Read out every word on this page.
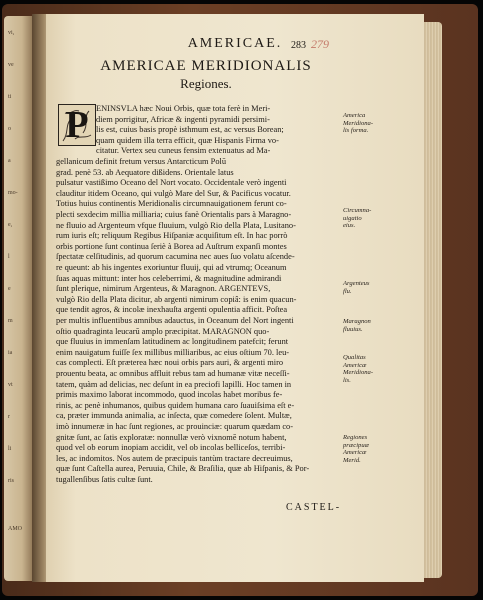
vi,
ve
ti
o
a
mo-
e,
l
e
m
ia
vt
r
li
ris
AMO
AMERICAE. 283 279
AMERICAE MERIDIONALIS
Regiones.
ENINSVLA hæc Noui Orbis, quæ tota ferè in Meri-
diem porrigitur, Africæ & ingenti pyramidi persimi-
lis est, cuius basis propè isthmum est, ac versus Borean;
quam quidem illa terra efficit, quæ Hispanis Firma vo-
citatur. Vertex seu cuneus fensim extenuatus ad Ma-
gellanicum definit fretum versus Antarcticum Polū
grad. penè 53. ab Aequatore dißidens. Orientale latus
pulsatur vastißimo Oceano del Nort vocato. Occidentale verò ingenti
clauditur itidem Oceano, qui vulgò Mare del Sur, & Pacificus vocatur.
Totius huius continentis Meridionalis circumnauigationem ferunt co-
plecti sexdecim millia milliaria; cuius fanè Orientalis pars à Maragno-
ne fluuio ad Argenteum vfque fluuium, vulgò Rio della Plata, Lusitano-
rum iuris eſt; reliquum Regibus Hiſpaniæ acquiſitum eſt. In hac porrò
orbis portione ſunt continua ſeriè à Borea ad Auſtrum expanſi montes
ſpectatæ celſitudinis, ad quorum cacumina nec aues ſuo volatu aſcende-
re queunt: ab his ingentes exoriuntur fluuij, qui ad vtrumq; Oceanum
ſuas aquas mittunt: inter hos celeberrimi, & magnitudine admirandi
ſunt plerique, nimirum Argenteus, & Maragnon. ARGENTEVS,
vulgò Rio della Plata dicitur, ab argenti nimirum copiâ: is enim quacun-
que tendit agros, & incolæ inexhauſta argenti opulentia afficit. Poſtea
per multis influentibus amnibus adauctus, in Oceanum del Nort ingenti
oſtio quadraginta leucarū amplo præcipitat. MARAGNON quo-
que fluuius in immenſam latitudinem ac longitudinem patefcit; ferunt
enim nauigatum fuiſſe ſex millibus milliaribus, ac eius oſtium 70. leu-
cas complecti. Eſt præterea hæc noui orbis pars auri, & argenti miro
prouentu beata, ac omnibus affluit rebus tam ad humanæ vitæ neceſſi-
tatem, quàm ad delicias, nec deſunt in ea preciofi lapilli. Hoc tamen in
primis maximo laborat incommodo, quod incolas habet moribus fe-
rinis, ac penè inhumanos, quibus quidem humana caro ſuauiſsima eſt e-
ca, præter immunda animalia, ac inſecta, quæ comedere ſolent. Multæ,
imò innumeræ in hac ſunt regiones, ac prouinciæ: quarum quædam co-
gnitæ ſunt, ac ſatis exploratæ: nonnullæ verò vixnomē notum habent,
quod vel ob eorum inopiam accidit, vel ob incolas belliceſos, terribi-
les, ac indomitos. Nos autem de præcipuis tantùm tractare decreuimus,
quæ ſunt Caſtella aurea, Peruuia, Chile, & Braſilia, quæ ab Hiſpanis, & Por-
tugallenſibus ſatis cultæ ſunt.
America
Meridiona-
lis forma.
Circumna-
uigatio
eius.
Argenteus
flu.
Maragnon
fluuius.
Qualitas
Americæ
Meridiona-
lis.
Regiones
præcipuæ
Americæ
Merid.
CASTEL-
P
